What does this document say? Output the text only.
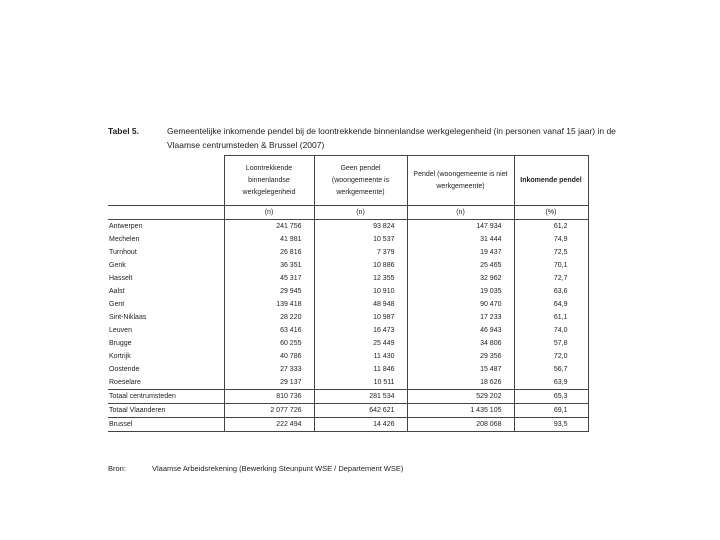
Tabel 5.	Gemeentelijke inkomende pendel bij de loontrekkende binnenlandse werkgelegenheid (in personen vanaf 15 jaar) in de Vlaamse centrumsteden & Brussel (2007)
	Loontrekkende binnenlandse werkgelegenheid	Geen pendel (woongemeente is werkgemeente)	Pendel (woongemeente is niet werkgemeente)	Inkomende pendel
	(n)	(n)	(n)	(%)
Antwerpen	241 756	93 824	147 934	61,2
Mechelen	41 981	10 537	31 444	74,9
Turnhout	26 816	7 379	19 437	72,5
Genk	36 351	10 886	25 465	70,1
Hasselt	45 317	12 355	32 962	72,7
Aalst	29 945	10 910	19 035	63,6
Gent	139 418	48 948	90 470	64,9
Sint-Niklaas	28 220	10 987	17 233	61,1
Leuven	63 416	16 473	46 943	74,0
Brugge	60 255	25 449	34 806	57,8
Kortrijk	40 786	11 430	29 356	72,0
Oostende	27 333	11 846	15 487	56,7
Roeselare	29 137	10 511	18 626	63,9
Totaal centrumsteden	810 736	281 534	529 202	65,3
Totaal Vlaanderen	2 077 726	642 621	1 435 105	69,1
Brussel	222 494	14 426	208 068	93,5
Bron:	Vlaamse Arbeidsrekening (Bewerking Steunpunt WSE / Departement WSE)
